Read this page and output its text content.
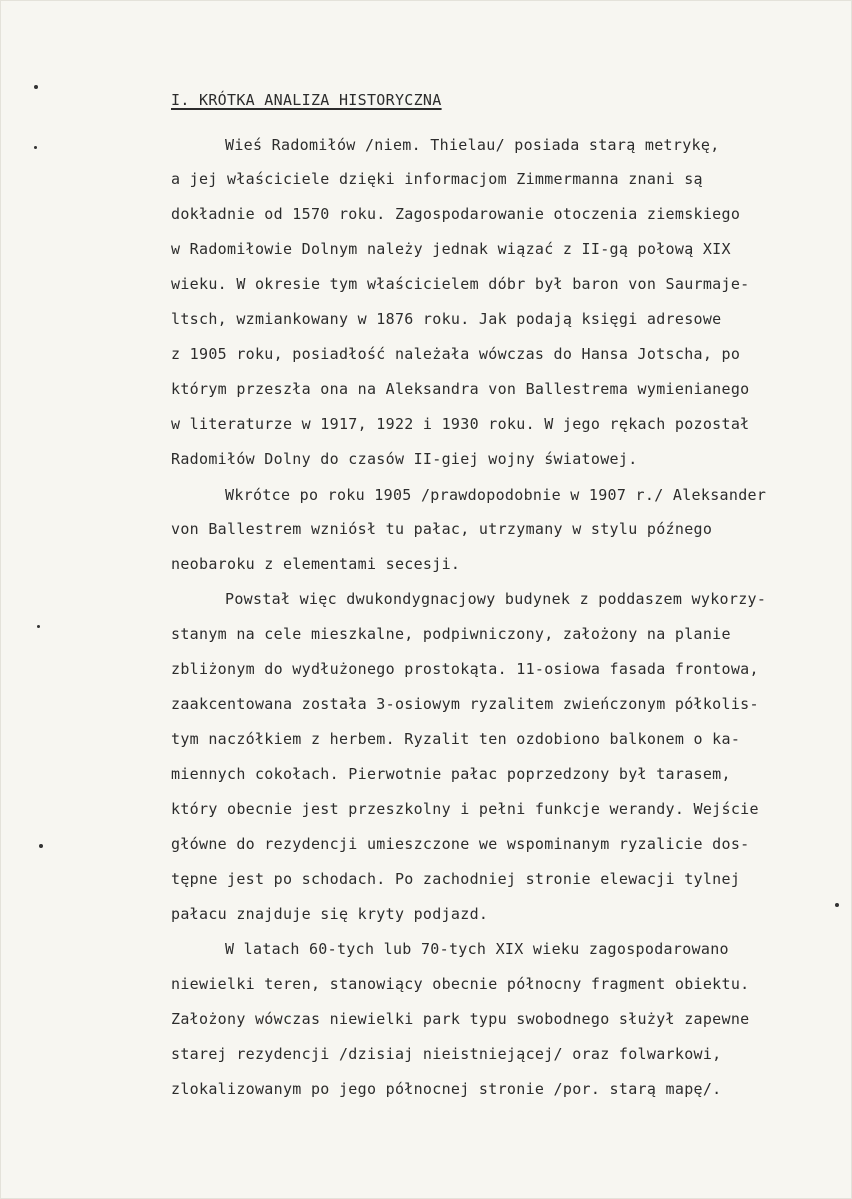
I. KRÓTKA ANALIZA HISTORYCZNA

Wieś Radomiłów /niem. Thielau/ posiada starą metrykę,

a jej właściciele dzięki informacjom Zimmermanna znani są

dokładnie od 1570 roku. Zagospodarowanie otoczenia ziemskiego

w Radomiłowie Dolnym należy jednak wiązać z II-gą połową XIX

wieku. W okresie tym właścicielem dóbr był baron von Saurmaje-

ltsch, wzmiankowany w 1876 roku. Jak podają księgi adresowe

z 1905 roku, posiadłość należała wówczas do Hansa Jotscha, po

którym przeszła ona na Aleksandra von Ballestrema wymienianego

w literaturze w 1917, 1922 i 1930 roku. W jego rękach pozostał

Radomiłów Dolny do czasów II-giej wojny światowej.

Wkrótce po roku 1905 /prawdopodobnie w 1907 r./ Aleksander

von Ballestrem wzniósł tu pałac, utrzymany w stylu późnego

neobaroku z elementami secesji.

Powstał więc dwukondygnacjowy budynek z poddaszem wykorzy-

stanym na cele mieszkalne, podpiwniczony, założony na planie

zbliżonym do wydłużonego prostokąta. 11-osiowa fasada frontowa,

zaakcentowana została 3-osiowym ryzalitem zwieńczonym półkolis-

tym naczółkiem z herbem. Ryzalit ten ozdobiono balkonem o ka-

miennych cokołach. Pierwotnie pałac poprzedzony był tarasem,

który obecnie jest przeszkolny i pełni funkcje werandy. Wejście

główne do rezydencji umieszczone we wspominanym ryzalicie dos-

tępne jest po schodach. Po zachodniej stronie elewacji tylnej

pałacu znajduje się kryty podjazd.

W latach 60-tych lub 70-tych XIX wieku zagospodarowano

niewielki teren, stanowiący obecnie północny fragment obiektu.

Założony wówczas niewielki park typu swobodnego służył zapewne

starej rezydencji /dzisiaj nieistniejącej/ oraz folwarkowi,

zlokalizowanym po jego północnej stronie /por. starą mapę/.
